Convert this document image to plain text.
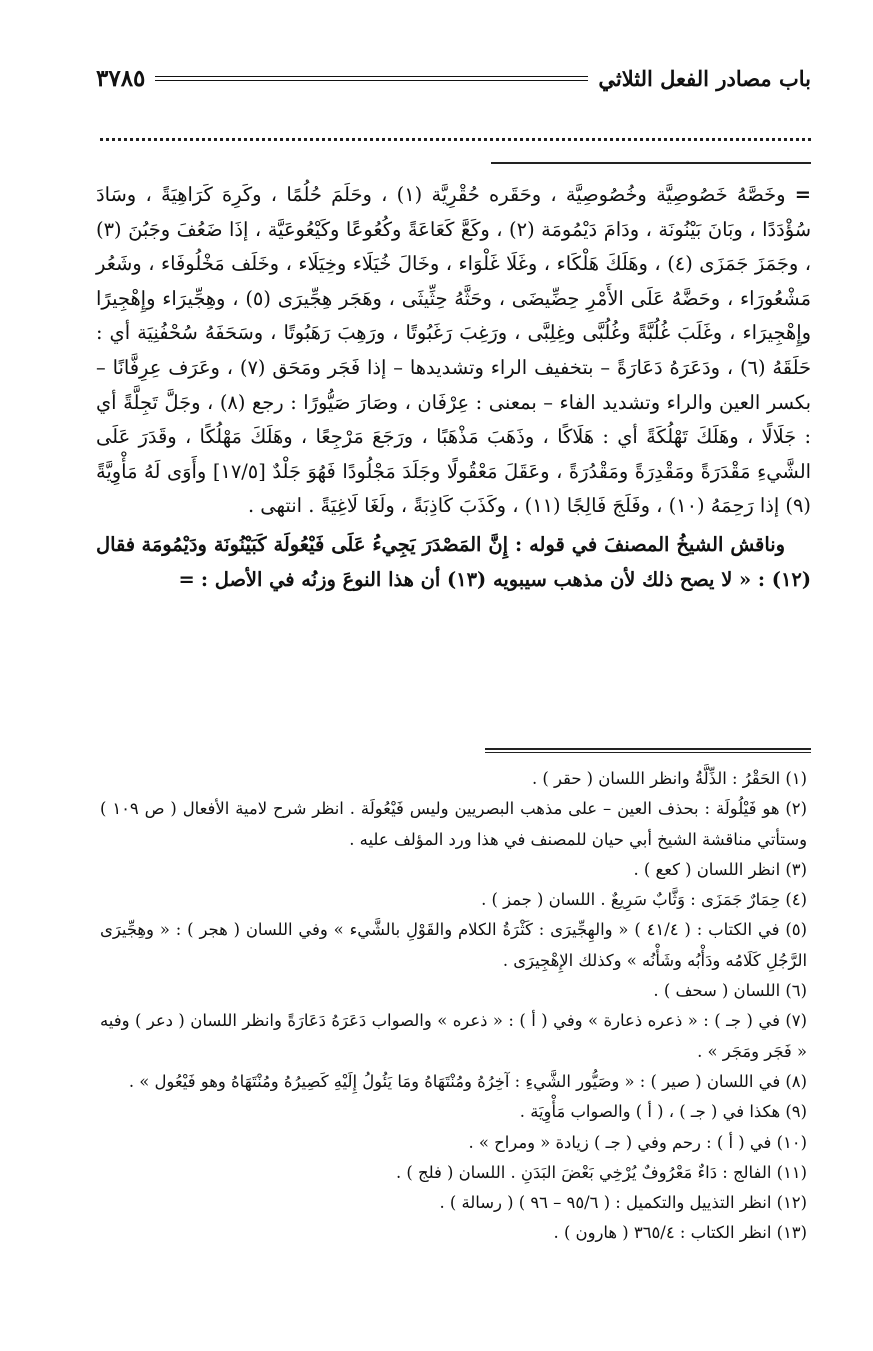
باب مصادر الفعل الثلاثي
٣٧٨٥

= وخَصَّهُ خَصُوصِيَّة وخُصُوصِيَّة ، وحَقَره حُقْرِيَّة (١) ، وحَلَمَ حُلُمًا ، وكَرِهَ كَرَاهِيَةً ، وسَادَ سُؤْدَدًا ، وبَانَ بَيْنُونَة ، ودَامَ دَيْمُومَة (٢) ، وكَعَّ كَعَاعَةً وكُعُوعًا وكَيْعُوعَيَّة ، إذَا ضَعُفَ وجَبُنَ (٣) ، وجَمَزَ جَمَزَى (٤) ، وهَلَكَ هَلْكَاء ، وغَلَا غَلْوَاء ، وخَالَ خُيَلَاء وخِيَلَاء ، وخَلَف مَخْلُوفَاء ، وشَعُر مَشْعُورَاء ، وحَضَّهُ عَلَى الأَمْرِ حِضِّيضَى ، وحَثَّهُ حِثِّيثَى ، وهَجَر هِجِّيرَى (٥) ، وهِجِّيرَاء وإِهْجِيرًا وإِهْجِيرَاء ، وغَلَبَ غُلُبَّةً وغُلُبَّى وغِلِبَّى ، ورَغِبَ رَغَبُوتًا ، ورَهِبَ رَهَبُوتًا ، وسَحَفَهُ سُحْفُنِيَة أي : حَلَقَهُ (٦) ، ودَعَرَهُ دَعَارَةً – بتخفيف الراء وتشديدها – إذا فَجَر ومَحَق (٧) ، وعَرَف عِرِفَّانًا – بكسر العين والراء وتشديد الفاء – بمعنى : عِرْفَان ، وصَارَ صَيُّورًا : رجع (٨) ، وجَلَّ تَجِلَّةً أي : جَلَالًا ، وهَلَكَ تَهْلُكَةً أي : هَلَاكًا ، وذَهَبَ مَذْهَبًا ، ورَجَعَ مَرْجِعًا ، وهَلَكَ مَهْلُكًا ، وقَدَرَ عَلَى الشَّيءِ مَقْدَرَةً ومَقْدِرَةً ومَقْدُرَةً ، وعَقَلَ مَعْقُولًا وجَلَدَ مَجْلُودًا فَهُوَ جَلْدٌ [١٧/٥] وأَوَى لَهُ مَأْوِيَّةً (٩) إذا رَحِمَهُ (١٠) ، وفَلَجَ فَالِجًا (١١) ، وكَذَبَ كَاذِبَةً ، ولَغَا لَاغِيَةً . انتهى .

وناقش الشيخُ المصنفَ في قوله : إِنَّ المَصْدَرَ يَجِيءُ عَلَى فَيْعُولَة كَبَيْنُونَة ودَيْمُومَة فقال (١٢) : « لا يصح ذلك لأن مذهب سيبويه (١٣) أن هذا النوعَ وزنُه في الأصل : =

(١) الحَقْرُ : الذِّلَّةُ وانظر اللسان ( حقر ) .

(٢) هو فَيْلُولَة : بحذف العين – على مذهب البصريين وليس فَيْعُولَة . انظر شرح لامية الأفعال ( ص ١٠٩ ) وستأتي مناقشة الشيخ أبي حيان للمصنف في هذا ورد المؤلف عليه .

(٣) انظر اللسان ( كعع ) .

(٤) حِمَارٌ جَمَزَى : وَثَّابٌ سَرِيعٌ . اللسان ( جمز ) .

(٥) في الكتاب : ( ٤١/٤ ) « والهِجِّيرَى : كَثْرَةُ الكلام والقَوْلِ بالشَّيء » وفي اللسان ( هجر ) : « وهِجِّيرَى الرَّجُلِ كَلَامُه ودَأْبُه وشَأْنُه » وكذلك الإِهْجِيرَى .

(٦) اللسان ( سحف ) .

(٧) في ( جـ ) : « ذعره ذعارة » وفي ( أ ) : « ذعره » والصواب دَعَرَهُ دَعَارَةً وانظر اللسان ( دعر ) وفيه « فَجَر ومَجَر » .

(٨) في اللسان ( صير ) : « وصَيُّور الشَّيءِ : آخِرُهُ ومُنْتَهَاهُ ومَا يَئُولُ إِلَيْهِ كَصِيرُهُ ومُنْتَهَاهُ وهو فَيْعُول » .

(٩) هكذا في ( جـ ) ، ( أ ) والصواب مَأْوِيَة .

(١٠) في ( أ ) : رحم وفي ( جـ ) زيادة « ومراح » .

(١١) الفالج : دَاءٌ مَعْرُوفٌ يُرْخِي بَعْضَ البَدَنِ . اللسان ( فلج ) .

(١٢) انظر التذييل والتكميل : ( ٩٥/٦ – ٩٦ ) ( رسالة ) .

(١٣) انظر الكتاب : ٣٦٥/٤ ( هارون ) .
